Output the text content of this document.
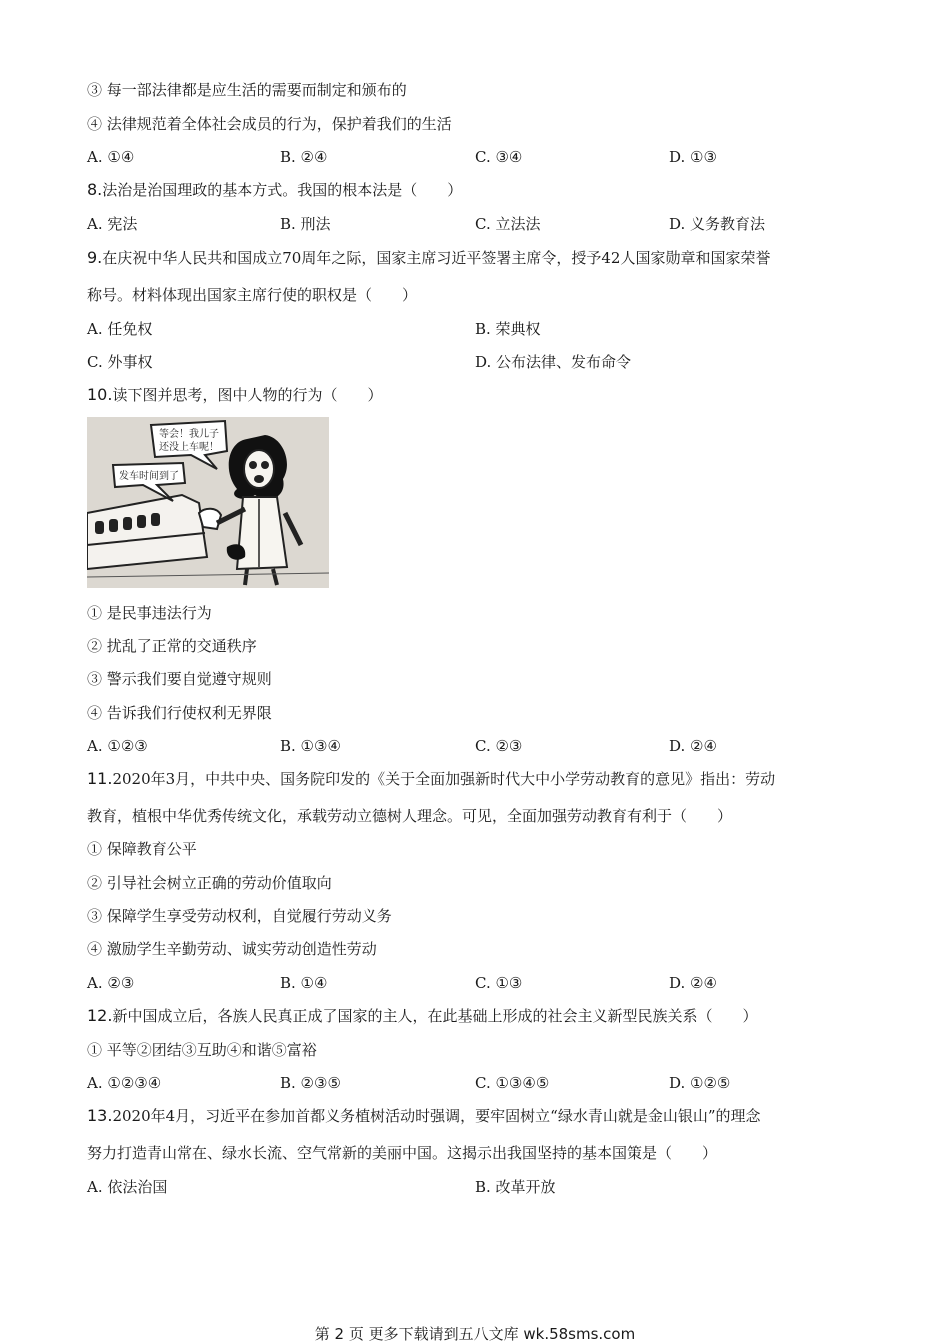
③ 每一部法律都是应生活的需要而制定和颁布的
④ 法律规范着全体社会成员的行为，保护着我们的生活
A. ①④	B. ②④	C. ③④	D. ①③
8.法治是治国理政的基本方式。我国的根本法是（　　）
A. 宪法	B. 刑法	C. 立法法	D. 义务教育法
9.在庆祝中华人民共和国成立70周年之际，国家主席习近平签署主席令，授予42人国家勋章和国家荣誉
称号。材料体现出国家主席行使的职权是（　　）
A. 任免权	B. 荣典权
C. 外事权	D. 公布法律、发布命令
10.读下图并思考，图中人物的行为（　　）
等会！我儿子
还没上车呢！
发车时间到了
① 是民事违法行为
② 扰乱了正常的交通秩序
③ 警示我们要自觉遵守规则
④ 告诉我们行使权利无界限
A. ①②③	B. ①③④	C. ②③	D. ②④
11.2020年3月，中共中央、国务院印发的《关于全面加强新时代大中小学劳动教育的意见》指出：劳动
教育，植根中华优秀传统文化，承载劳动立德树人理念。可见，全面加强劳动教育有利于（　　）
① 保障教育公平
② 引导社会树立正确的劳动价值取向
③ 保障学生享受劳动权利，自觉履行劳动义务
④ 激励学生辛勤劳动、诚实劳动创造性劳动
A. ②③	B. ①④	C. ①③	D. ②④
12.新中国成立后，各族人民真正成了国家的主人，在此基础上形成的社会主义新型民族关系（　　）
① 平等②团结③互助④和谐⑤富裕
A. ①②③④	B. ②③⑤	C. ①③④⑤	D. ①②⑤
13.2020年4月，习近平在参加首都义务植树活动时强调，要牢固树立“绿水青山就是金山银山”的理念
努力打造青山常在、绿水长流、空气常新的美丽中国。这揭示出我国坚持的基本国策是（　　）
A. 依法治国	B. 改革开放
第 2 页 更多下载请到五八文库 wk.58sms.com
